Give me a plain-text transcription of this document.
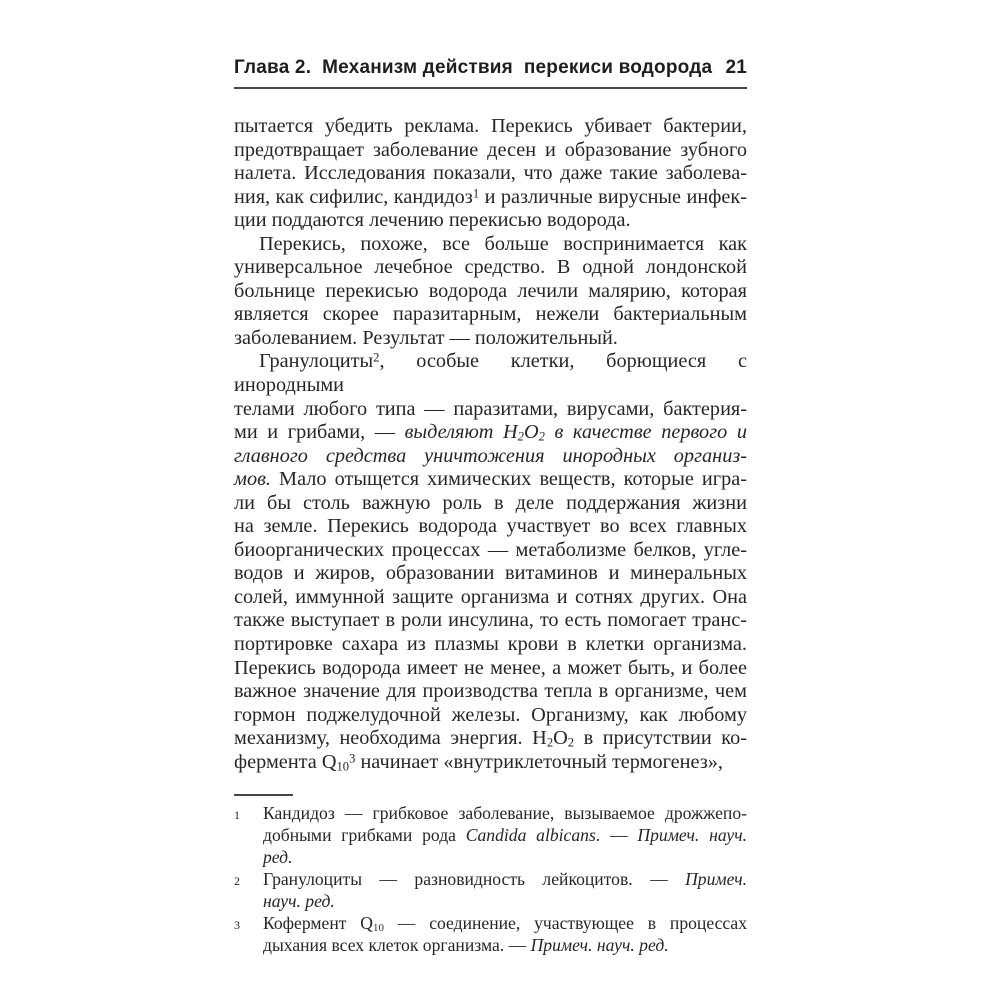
Глава 2.  Механизм действия  перекиси водорода 21
пытается убедить реклама. Перекись убивает бактерии,
предотвращает заболевание десен и образование зубного
налета. Исследования показали, что даже такие заболева-
ния, как сифилис, кандидоз$^1$ и различные вирусные инфек-
ции поддаются лечению перекисью водорода.
Перекись, похоже, все больше воспринимается как
универсальное лечебное средство. В одной лондонской
больнице перекисью водорода лечили малярию, которая
является скорее паразитарным, нежели бактериальным
заболеванием. Результат — положительный.
Гранулоциты$^2$, особые клетки, борющиеся с инородными
телами любого типа — паразитами, вирусами, бактерия-
ми и грибами, — выделяют $H_2O_2$ в качестве первого и
главного средства уничтожения инородных организ-
мов. Мало отыщется химических веществ, которые игра-
ли бы столь важную роль в деле поддержания жизни
на земле. Перекись водорода участвует во всех главных
биоорганических процессах — метаболизме белков, угле-
водов и жиров, образовании витаминов и минеральных
солей, иммунной защите организма и сотнях других. Она
также выступает в роли инсулина, то есть помогает транс-
портировке сахара из плазмы крови в клетки организма.
Перекись водорода имеет не менее, а может быть, и более
важное значение для производства тепла в организме, чем
гормон поджелудочной железы. Организму, как любому
механизму, необходима энергия. $H_2O_2$ в присутствии ко-
фермента $Q_{10}^3$ начинает «внутриклеточный термогенез»,
1	Кандидоз — грибковое заболевание, вызываемое дрожжепо-
добными грибками рода Candida albicans. — Примеч. науч.
ред.
2	Гранулоциты — разновидность лейкоцитов. — Примеч.
науч. ред.
3	Кофермент $Q_{10}$ — соединение, участвующее в процессах
дыхания всех клеток организма. — Примеч. науч. ред.
